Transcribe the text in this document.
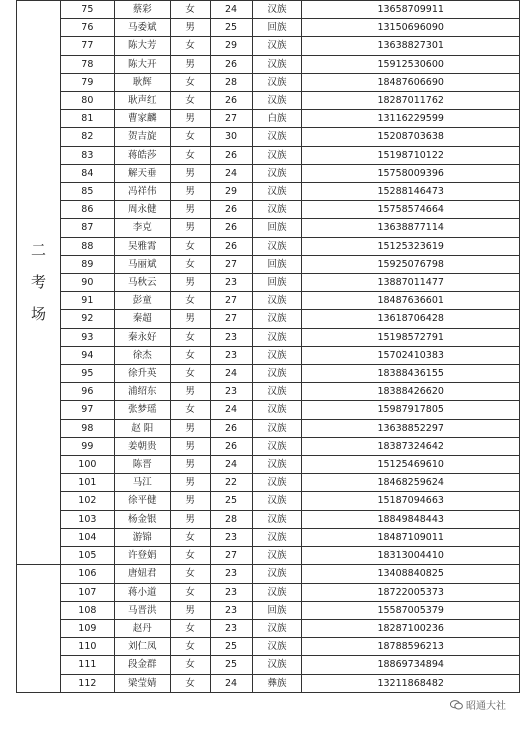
二
考
场	75	蔡彩	女	24	汉族	13658709911
	76	马委斌	男	25	回族	13150696090
	77	陈大芳	女	29	汉族	13638827301
	78	陈大开	男	26	汉族	15912530600
	79	耿辉	女	28	汉族	18487606690
	80	耿声红	女	26	汉族	18287011762
	81	曹家麟	男	27	白族	13116229599
	82	贺吉旋	女	30	汉族	15208703638
	83	蒋皓莎	女	26	汉族	15198710122
	84	解天垂	男	24	汉族	15758009396
	85	冯祥伟	男	29	汉族	15288146473
	86	周永健	男	26	汉族	15758574664
	87	李克	男	26	回族	13638877114
	88	吴雅霄	女	26	汉族	15125323619
	89	马丽斌	女	27	回族	15925076798
	90	马秋云	男	23	回族	13887011477
	91	彭童	女	27	汉族	18487636601
	92	秦超	男	27	汉族	13618706428
	93	秦永好	女	23	汉族	15198572791
	94	徐杰	女	23	汉族	15702410383
	95	徐升英	女	24	汉族	18388436155
	96	浦绍东	男	23	汉族	18388426620
	97	张梦瑶	女	24	汉族	15987917805
	98	赵 阳	男	26	汉族	13638852297
	99	姜朝贵	男	26	汉族	18387324642
	100	陈晋	男	24	汉族	15125469610
	101	马江	男	22	汉族	18468259624
	102	徐平健	男	25	汉族	15187094663
	103	杨金银	男	28	汉族	18849848443
	104	游锦	女	23	汉族	18487109011
	105	许登娟	女	27	汉族	18313004410
	106	唐妞君	女	23	汉族	13408840825
	107	蒋小道	女	23	汉族	18722005373
	108	马晋洪	男	23	回族	15587005379
	109	赵丹	女	23	汉族	18287100236
	110	刘仁凤	女	25	汉族	18788596213
	111	段金群	女	25	汉族	18869734894
	112	梁莹婧	女	24	彝族	13211868482
昭通大社
